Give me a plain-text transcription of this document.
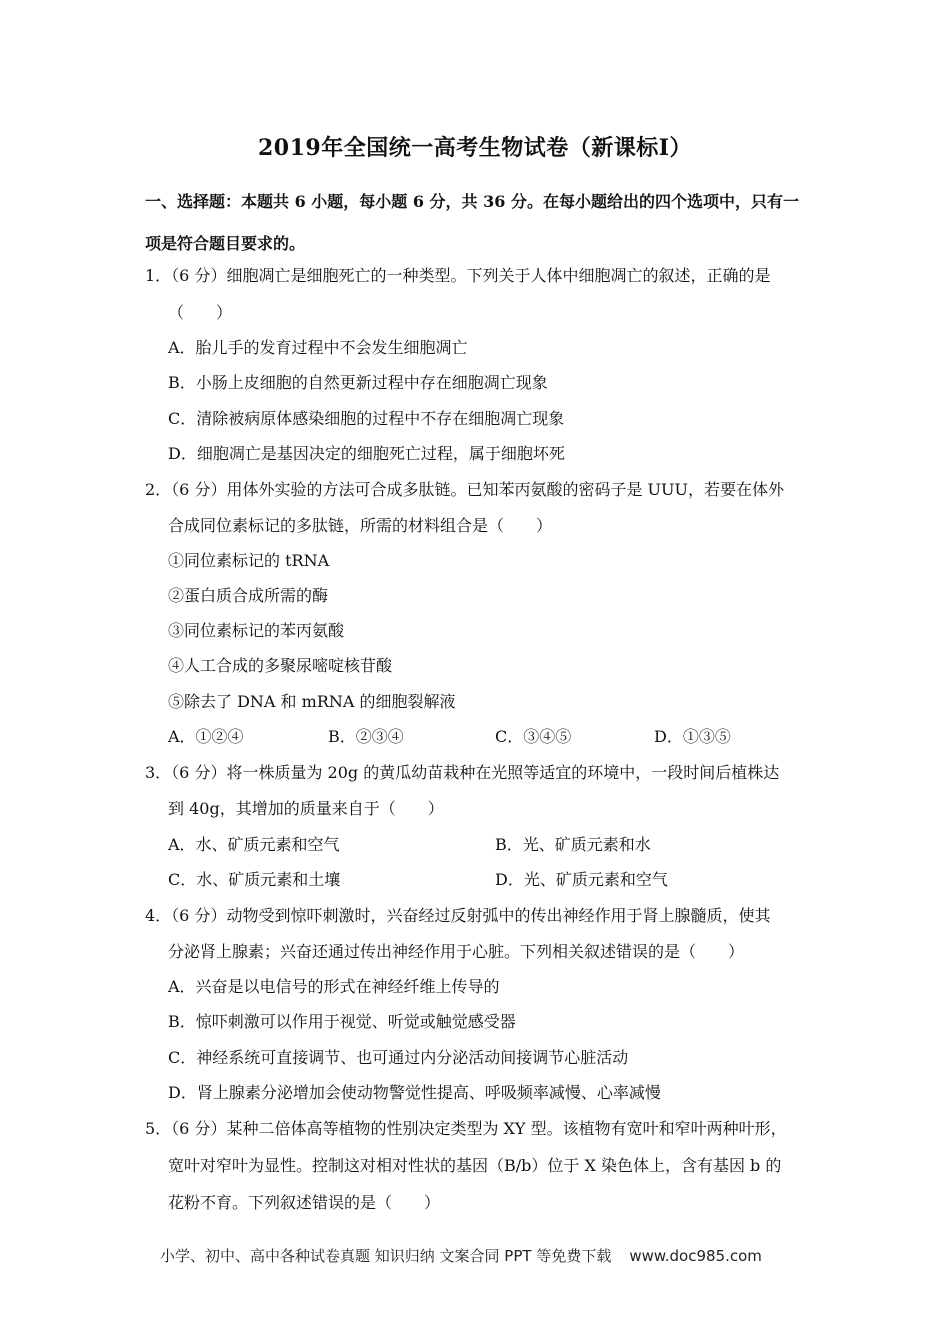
2019年全国统一高考生物试卷（新课标Ⅰ）
一、选择题：本题共 6 小题，每小题 6 分，共 36 分。在每小题给出的四个选项中，只有一
项是符合题目要求的。
1．（6 分）细胞凋亡是细胞死亡的一种类型。下列关于人体中细胞凋亡的叙述，正确的是
（　　）
A．胎儿手的发育过程中不会发生细胞凋亡
B．小肠上皮细胞的自然更新过程中存在细胞凋亡现象
C．清除被病原体感染细胞的过程中不存在细胞凋亡现象
D．细胞凋亡是基因决定的细胞死亡过程，属于细胞坏死
2．（6 分）用体外实验的方法可合成多肽链。已知苯丙氨酸的密码子是 UUU，若要在体外
合成同位素标记的多肽链，所需的材料组合是（　　）
①同位素标记的 tRNA
②蛋白质合成所需的酶
③同位素标记的苯丙氨酸
④人工合成的多聚尿嘧啶核苷酸
⑤除去了 DNA 和 mRNA 的细胞裂解液
A．①②④	B．②③④	C．③④⑤	D．①③⑤
3．（6 分）将一株质量为 20g 的黄瓜幼苗栽种在光照等适宜的环境中，一段时间后植株达
到 40g，其增加的质量来自于（　　）
A．水、矿质元素和空气	B．光、矿质元素和水
C．水、矿质元素和土壤	D．光、矿质元素和空气
4．（6 分）动物受到惊吓刺激时，兴奋经过反射弧中的传出神经作用于肾上腺髓质，使其
分泌肾上腺素；兴奋还通过传出神经作用于心脏。下列相关叙述错误的是（　　）
A．兴奋是以电信号的形式在神经纤维上传导的
B．惊吓刺激可以作用于视觉、听觉或触觉感受器
C．神经系统可直接调节、也可通过内分泌活动间接调节心脏活动
D．肾上腺素分泌增加会使动物警觉性提高、呼吸频率减慢、心率减慢
5．（6 分）某种二倍体高等植物的性别决定类型为 XY 型。该植物有宽叶和窄叶两种叶形，
宽叶对窄叶为显性。控制这对相对性状的基因（B/b）位于 X 染色体上，含有基因 b 的
花粉不育。下列叙述错误的是（　　）
小学、初中、高中各种试卷真题 知识归纳 文案合同 PPT 等免费下载 www.doc985.com
